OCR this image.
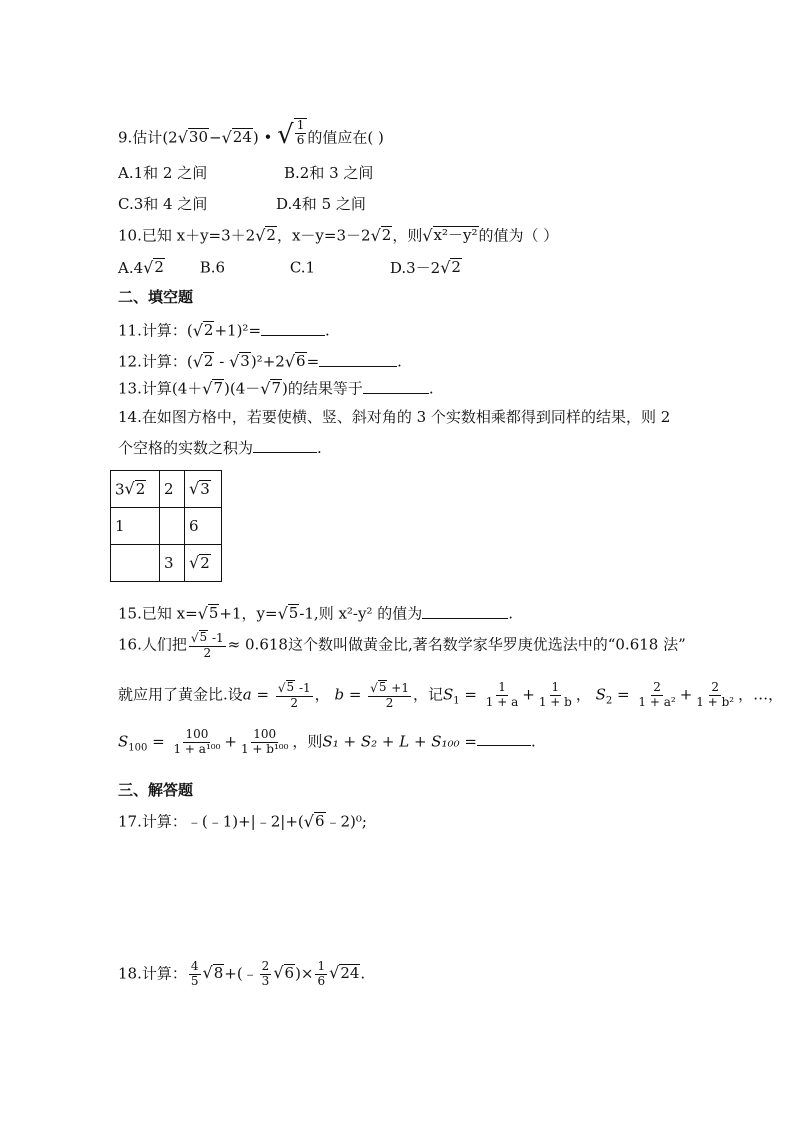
9.估计(2 √ 30 − √ 24 ) • √ $\frac{1}{6}$ 的值应在( )
A.1和 2 之间	B.2和 3 之间
C.3和 4 之间	D.4和 5 之间
10.已知 x＋y=3＋2 √ 2 ，x－y=3－2 √ 2 ，则 √ x²－y² 的值为（ ）
A.4 √ 2 B.6	C.1	D.3－2 √ 2
二、填空题
11.计算：( √ 2 +1)²=	.
12.计算：( √ 2 - √ 3 )²+2 √ 6 =	.
13.计算(4＋ √ 7 )(4－ √ 7 )的结果等于	.
14.在如图方格中，若要使横、竖、斜对角的 3 个实数相乘都得到同样的结果，则 2
个空格的实数之积为	.
3 √ 2	2	√ 3

1		6
	3	√ 2
15.已知 x= √ 5 +1，y= √ 5 -1,则 x²-y² 的值为	.
16.人们把 $\frac{√ 5 -1}{2} \approx 0.618$这个数叫做黄金比,著名数学家华罗庚优选法中的“0.618 法”
就应用了黄金比.设$a = \frac{√ 5 -1}{2}$ ， $b = \frac{√ 5 +1}{2}$ ，记$S_1 = \frac{1}{1 + a} + \frac{1}{1 + b}$ ， $S_2 = \frac{2}{\text{1 + a²}} + \frac{2}{\text{1 + b²}}$ ，…，
$S_{100} = \frac{100}{\text{1 + a¹⁰⁰}} + \frac{100}{\text{1 + b¹⁰⁰}}$ ，则S₁ + S₂ + L + S₁₀₀ =	.
三、解答题
17.计算：﹣(﹣1)+|﹣2|+( √ 6 ﹣2)⁰;
18.计算： $\frac{4}{5}$ √ 8 +(﹣ $\frac{2}{3}$ √ 6 )× $\frac{1}{6}$ √ 24 .
